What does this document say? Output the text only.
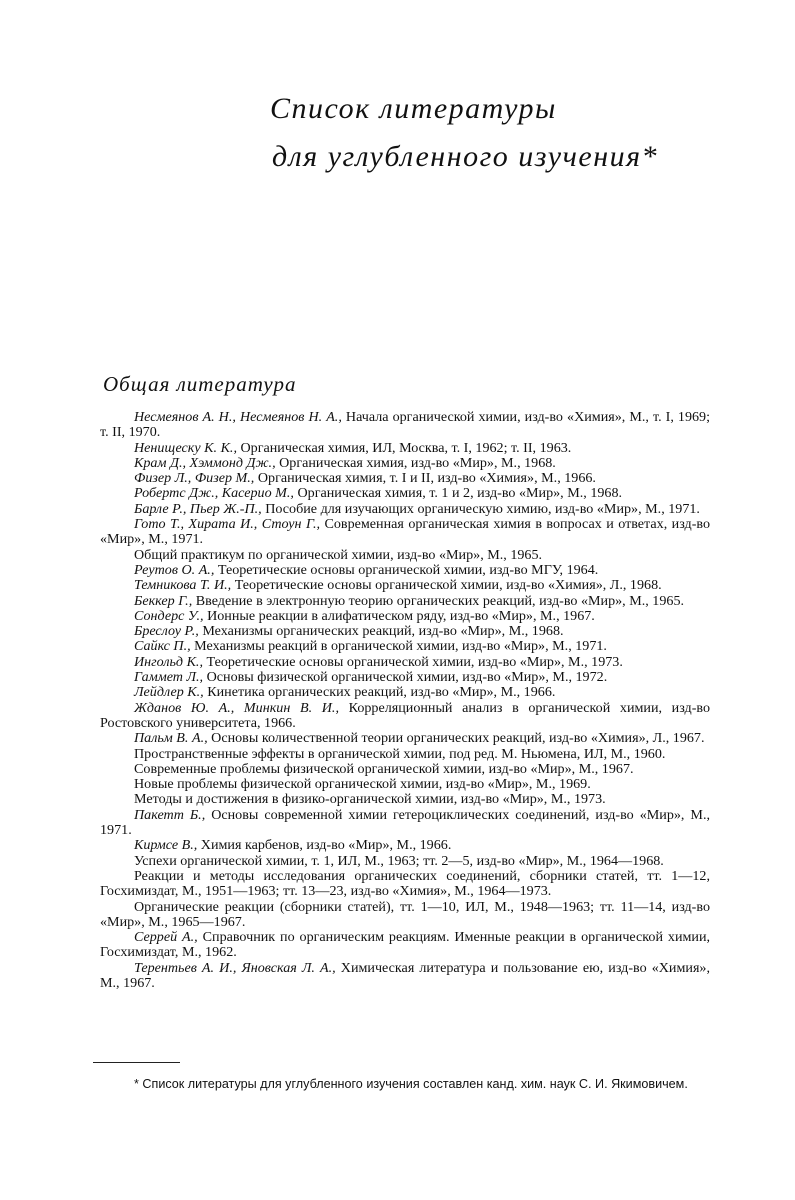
Список литературы
для углубленного изучения*
Общая литература

Несмеянов А. Н., Несмеянов Н. А., Начала органической химии, изд-во «Химия», М., т. I, 1969; т. II, 1970.

Ненищеску К. К., Органическая химия, ИЛ, Москва, т. I, 1962; т. II, 1963.

Крам Д., Хэммонд Дж., Органическая химия, изд-во «Мир», М., 1968.

Физер Л., Физер М., Органическая химия, т. I и II, изд-во «Химия», М., 1966.

Робертс Дж., Касерио М., Органическая химия, т. 1 и 2, изд-во «Мир», М., 1968.

Барле Р., Пьер Ж.-П., Пособие для изучающих органическую химию, изд-во «Мир», М., 1971.

Гото Т., Хирата И., Стоун Г., Современная органическая химия в вопросах и ответах, изд-во «Мир», М., 1971.

Общий практикум по органической химии, изд-во «Мир», М., 1965.

Реутов О. А., Теоретические основы органической химии, изд-во МГУ, 1964.

Темникова Т. И., Теоретические основы органической химии, изд-во «Химия», Л., 1968.

Беккер Г., Введение в электронную теорию органических реакций, изд-во «Мир», М., 1965.

Сондерс У., Ионные реакции в алифатическом ряду, изд-во «Мир», М., 1967.

Бреслоу Р., Механизмы органических реакций, изд-во «Мир», М., 1968.

Сайкс П., Механизмы реакций в органической химии, изд-во «Мир», М., 1971.

Ингольд К., Теоретические основы органической химии, изд-во «Мир», М., 1973.

Гаммет Л., Основы физической органической химии, изд-во «Мир», М., 1972.

Лейдлер К., Кинетика органических реакций, изд-во «Мир», М., 1966.

Жданов Ю. А., Минкин В. И., Корреляционный анализ в органической химии, изд-во Ростовского университета, 1966.

Пальм В. А., Основы количественной теории органических реакций, изд-во «Химия», Л., 1967.

Пространственные эффекты в органической химии, под ред. М. Ньюмена, ИЛ, М., 1960.

Современные проблемы физической органической химии, изд-во «Мир», М., 1967.

Новые проблемы физической органической химии, изд-во «Мир», М., 1969.

Методы и достижения в физико-органической химии, изд-во «Мир», М., 1973.

Пакетт Б., Основы современной химии гетероциклических соединений, изд-во «Мир», М., 1971.

Кирмсе В., Химия карбенов, изд-во «Мир», М., 1966.

Успехи органической химии, т. 1, ИЛ, М., 1963; тт. 2—5, изд-во «Мир», М., 1964—1968.

Реакции и методы исследования органических соединений, сборники статей, тт. 1—12, Госхимиздат, М., 1951—1963; тт. 13—23, изд-во «Химия», М., 1964—1973.

Органические реакции (сборники статей), тт. 1—10, ИЛ, М., 1948—1963; тт. 11—14, изд-во «Мир», М., 1965—1967.

Серрей А., Справочник по органическим реакциям. Именные реакции в органической химии, Госхимиздат, М., 1962.

Терентьев А. И., Яновская Л. А., Химическая литература и пользование ею, изд-во «Химия», М., 1967.

* Список литературы для углубленного изучения составлен канд. хим. наук С. И. Якимовичем.
